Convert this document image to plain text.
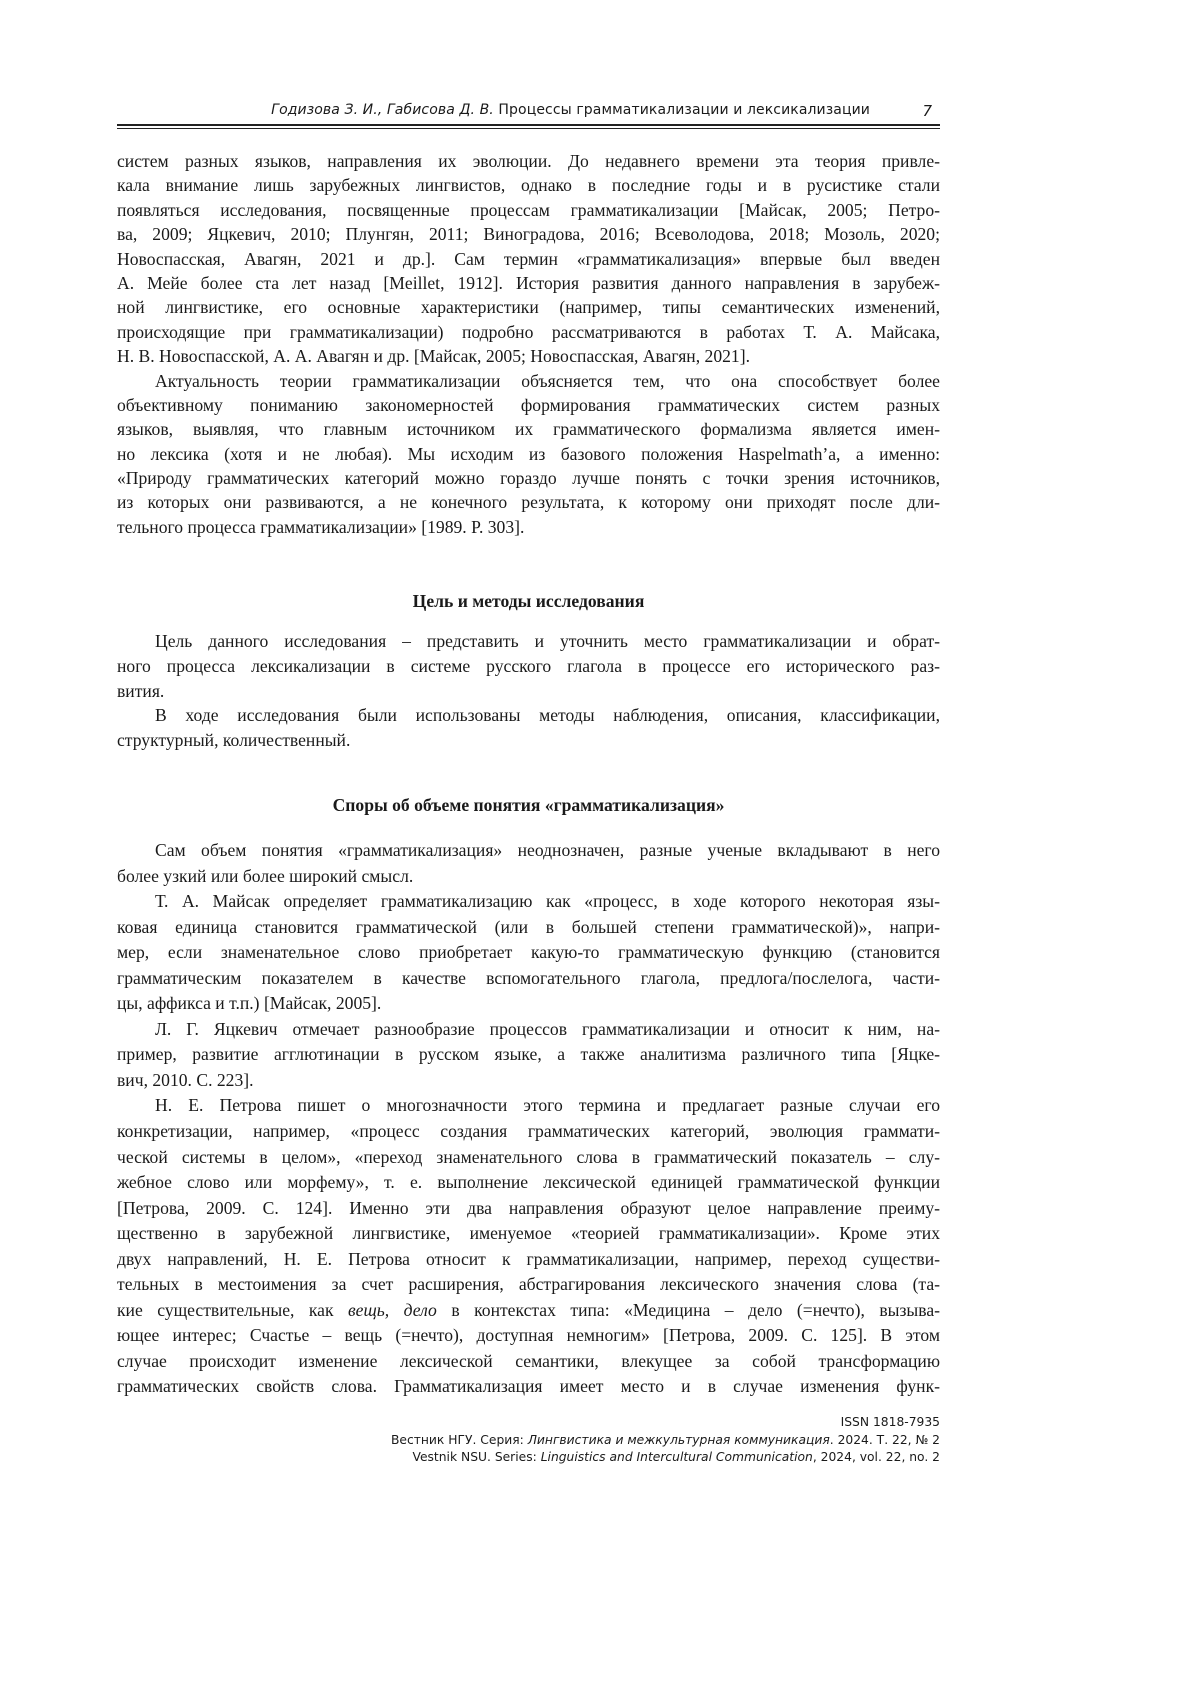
Годизова З. И., Габисова Д. В. Процессы грамматикализации и лексикализации	7
систем разных языков, направления их эволюции. До недавнего времени эта теория привле-
кала внимание лишь зарубежных лингвистов, однако в последние годы и в русистике стали
появляться исследования, посвященные процессам грамматикализации [Майсак, 2005; Петро-
ва, 2009; Яцкевич, 2010; Плунгян, 2011; Виноградова, 2016; Всеволодова, 2018; Мозоль, 2020;
Новоспасская, Авагян, 2021 и др.]. Сам термин «грамматикализация» впервые был введен
А. Мейе более ста лет назад [Meillet, 1912]. История развития данного направления в зарубеж-
ной лингвистике, его основные характеристики (например, типы семантических изменений,
происходящие при грамматикализации) подробно рассматриваются в работах Т. А. Майсака,
Н. В. Новоспасской, А. А. Авагян и др. [Майсак, 2005; Новоспасская, Авагян, 2021].
Актуальность теории грамматикализации объясняется тем, что она способствует более
объективному пониманию закономерностей формирования грамматических систем разных
языков, выявляя, что главным источником их грамматического формализма является имен-
но лексика (хотя и не любая). Мы исходим из базового положения Haspelmath’а, а именно:
«Природу грамматических категорий можно гораздо лучше понять с точки зрения источников,
из которых они развиваются, а не конечного результата, к которому они приходят после дли-
тельного процесса грамматикализации» [1989. P. 303].
Цель и методы исследования
Цель данного исследования – представить и уточнить место грамматикализации и обрат-
ного процесса лексикализации в системе русского глагола в процессе его исторического раз-
вития.
В ходе исследования были использованы методы наблюдения, описания, классификации,
структурный, количественный.
Споры об объеме понятия «грамматикализация»
Сам объем понятия «грамматикализация» неоднозначен, разные ученые вкладывают в него
более узкий или более широкий смысл.
Т. А. Майсак определяет грамматикализацию как «процесс, в ходе которого некоторая язы-
ковая единица становится грамматической (или в большей степени грамматической)», напри-
мер, если знаменательное слово приобретает какую-то грамматическую функцию (становится
грамматическим показателем в качестве вспомогательного глагола, предлога/послелога, части-
цы, аффикса и т.п.) [Майсак, 2005].
Л. Г. Яцкевич отмечает разнообразие процессов грамматикализации и относит к ним, на-
пример, развитие агглютинации в русском языке, а также аналитизма различного типа [Яцке-
вич, 2010. С. 223].
Н. Е. Петрова пишет о многозначности этого термина и предлагает разные случаи его
конкретизации, например, «процесс создания грамматических категорий, эволюция граммати-
ческой системы в целом», «переход знаменательного слова в грамматический показатель – слу-
жебное слово или морфему», т. е. выполнение лексической единицей грамматической функции
[Петрова, 2009. С. 124]. Именно эти два направления образуют целое направление преиму-
щественно в зарубежной лингвистике, именуемое «теорией грамматикализации». Кроме этих
двух направлений, Н. Е. Петрова относит к грамматикализации, например, переход существи-
тельных в местоимения за счет расширения, абстрагирования лексического значения слова (та-
кие существительные, как вещь, дело в контекстах типа: «Медицина – дело (=нечто), вызыва-
ющее интерес; Счастье – вещь (=нечто), доступная немногим» [Петрова, 2009. С. 125]. В этом
случае происходит изменение лексической семантики, влекущее за собой трансформацию
грамматических свойств слова. Грамматикализация имеет место и в случае изменения функ-
ISSN 1818-7935
Вестник НГУ. Серия: Лингвистика и межкультурная коммуникация. 2024. Т. 22, № 2
Vestnik NSU. Series: Linguistics and Intercultural Communication, 2024, vol. 22, no. 2
